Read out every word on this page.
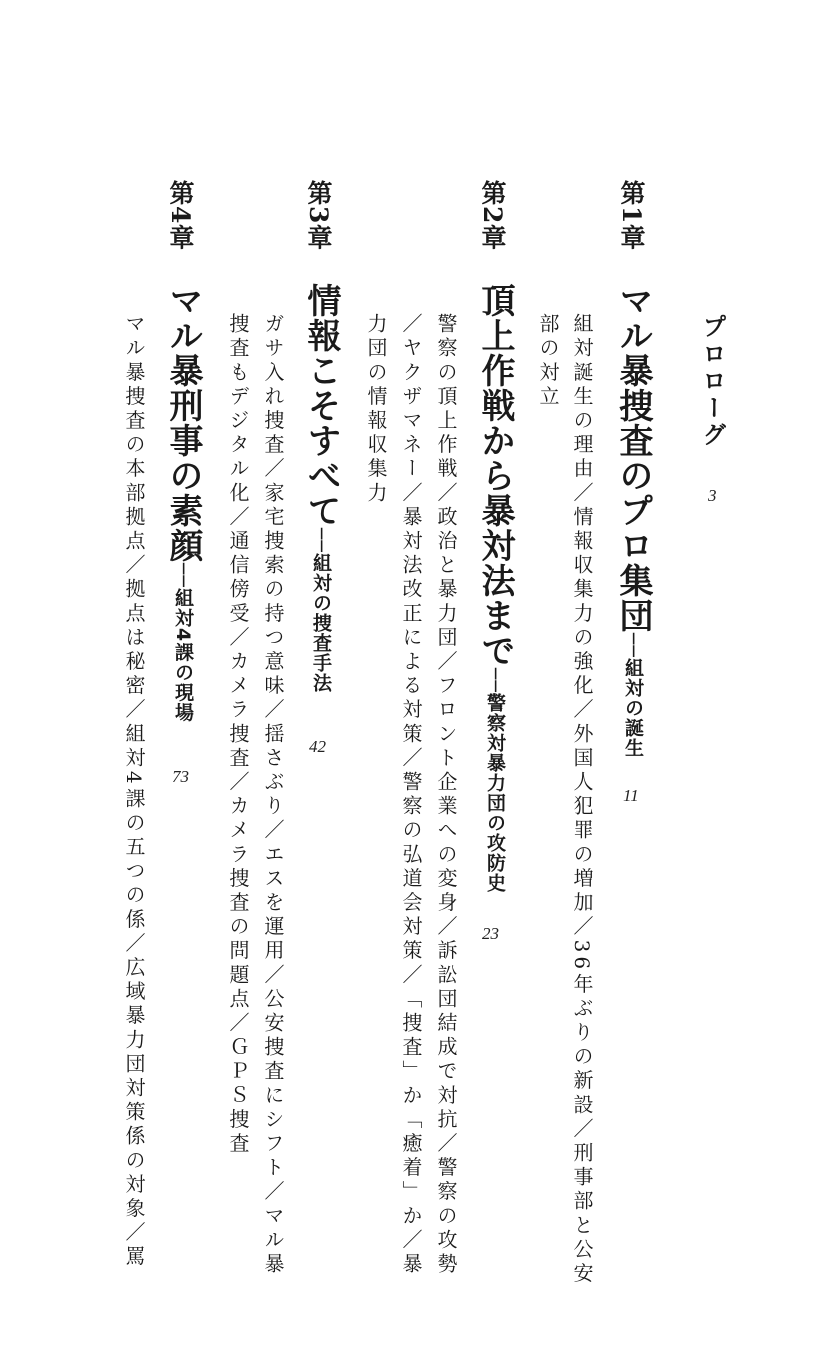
プロローグ
3
第1章
マル暴捜査のプロ集団──組対の誕生
11
組対誕生の理由／情報収集力の強化／外国人犯罪の増加／36年ぶりの新設／刑事部と公安
部の対立
第2章
頂上作戦から暴対法まで──警察対暴力団の攻防史
23
警察の頂上作戦／政治と暴力団／フロント企業への変身／訴訟団結成で対抗／警察の攻勢
／ヤクザマネー／暴対法改正による対策／警察の弘道会対策／「捜査」か「癒着」か／暴
力団の情報収集力
第3章
情報こそすべて──組対の捜査手法
42
ガサ入れ捜査／家宅捜索の持つ意味／揺さぶり／エスを運用／公安捜査にシフト／マル暴
捜査もデジタル化／通信傍受／カメラ捜査／カメラ捜査の問題点／ＧＰＳ捜査
第4章
マル暴刑事の素顔──組対4課の現場
73
マル暴捜査の本部拠点／拠点は秘密／組対4課の五つの係／広域暴力団対策係の対象／罵
